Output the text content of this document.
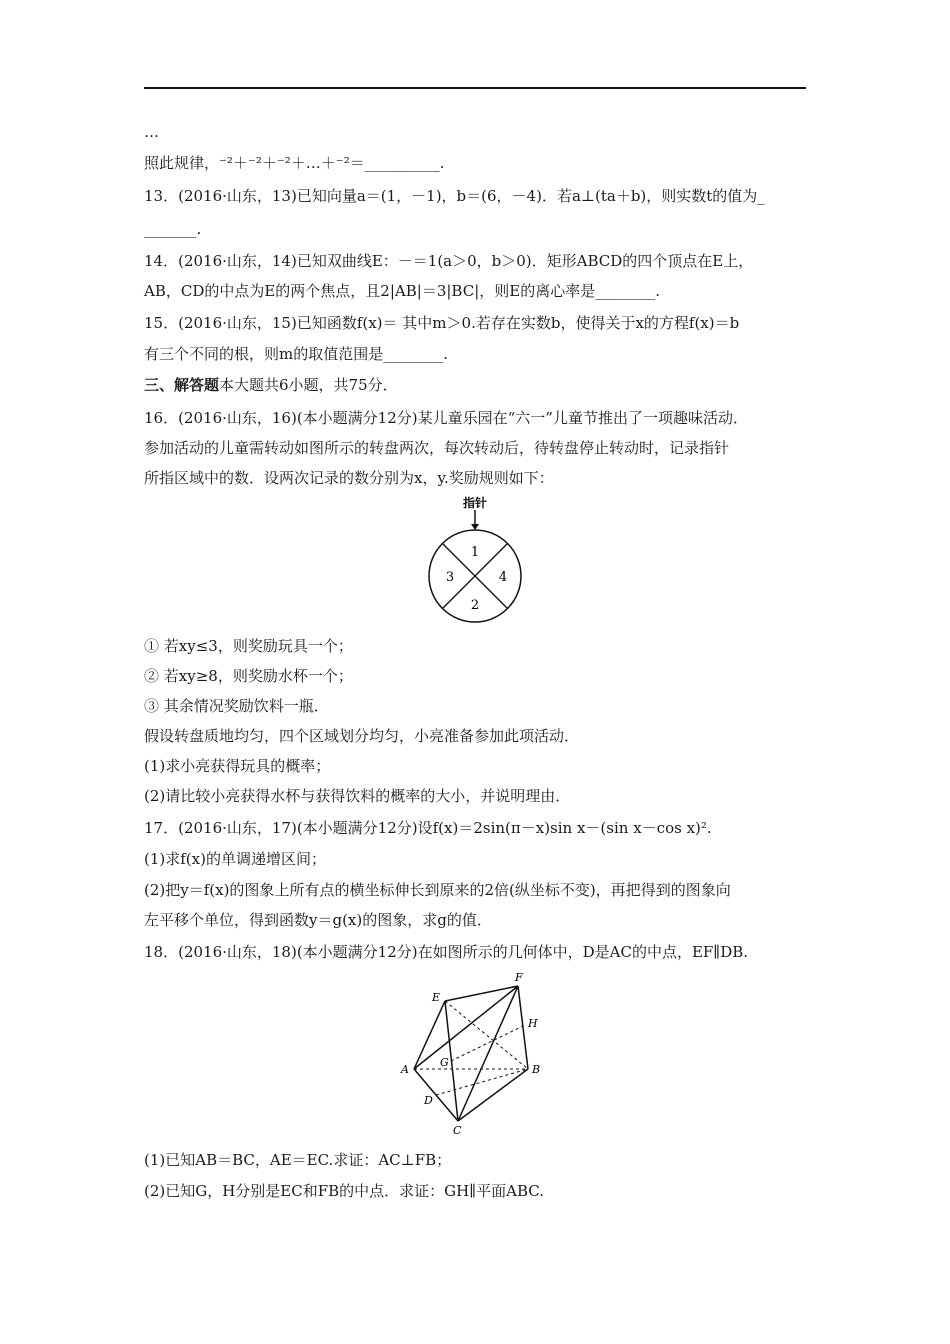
…
照此规律，⁻²＋⁻²＋⁻²＋…＋⁻²＝__________.
13．(2016·山东，13)已知向量a＝(1，－1)，b＝(6，－4)．若a⊥(ta＋b)，则实数t的值为_
_______.
14．(2016·山东，14)已知双曲线E：－＝1(a＞0，b＞0)．矩形ABCD的四个顶点在E上，
AB，CD的中点为E的两个焦点，且2|AB|＝3|BC|，则E的离心率是________.
15．(2016·山东，15)已知函数f(x)＝ 其中m＞0.若存在实数b，使得关于x的方程f(x)＝b
有三个不同的根，则m的取值范围是________.
三、解答题本大题共6小题，共75分．
16．(2016·山东，16)(本小题满分12分)某儿童乐园在“六一”儿童节推出了一项趣味活动．
参加活动的儿童需转动如图所示的转盘两次，每次转动后，待转盘停止转动时，记录指针
所指区域中的数．设两次记录的数分别为x，y.奖励规则如下：
① 若xy≤3，则奖励玩具一个；
② 若xy≥8，则奖励水杯一个；
③ 其余情况奖励饮料一瓶．
假设转盘质地均匀，四个区域划分均匀，小亮准备参加此项活动．
(1)求小亮获得玩具的概率；
(2)请比较小亮获得水杯与获得饮料的概率的大小，并说明理由．
17．(2016·山东，17)(本小题满分12分)设f(x)＝2sin(π－x)sin x－(sin x－cos x)².
(1)求f(x)的单调递增区间；
(2)把y＝f(x)的图象上所有点的横坐标伸长到原来的2倍(纵坐标不变)，再把得到的图象向
左平移个单位，得到函数y＝g(x)的图象，求g的值．
18．(2016·山东，18)(本小题满分12分)在如图所示的几何体中，D是AC的中点，EF∥DB.
(1)已知AB＝BC，AE＝EC.求证：AC⊥FB；
(2)已知G，H分别是EC和FB的中点．求证：GH∥平面ABC.
指针
1
3	4
2
E
F
H
G
A	B
D
C
